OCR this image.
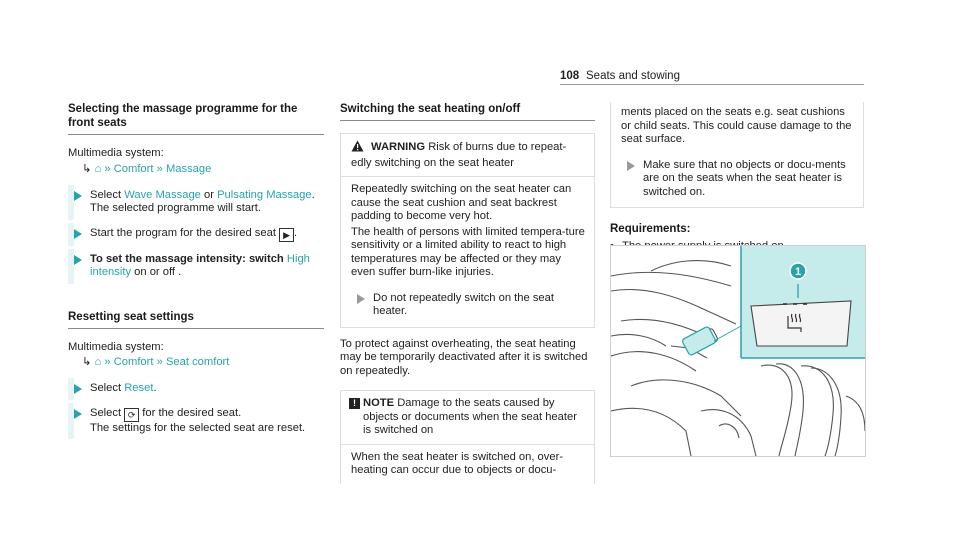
108 Seats and stowing
Selecting the massage programme for the front seats
Multimedia system:
↳ ⌂ » Comfort » Massage
Select Wave Massage or Pulsating Massage.
The selected programme will start.
Start the program for the desired seat ▶ .
To set the massage intensity: switch High intensity on or off .
Resetting seat settings
Multimedia system:
↳ ⌂ » Comfort » Seat comfort
Select Reset.
Select ⟳ for the desired seat.
The settings for the selected seat are reset.
Switching the seat heating on/off
WARNING Risk of burns due to repeat-edly switching on the seat heater
Repeatedly switching on the seat heater can cause the seat cushion and seat backrest padding to become very hot.
The health of persons with limited tempera-ture sensitivity or a limited ability to react to high temperatures may be affected or they may even suffer burn-like injuries.
Do not repeatedly switch on the seat heater.
To protect against overheating, the seat heating may be temporarily deactivated after it is switched on repeatedly.
! NOTE Damage to the seats caused by objects or documents when the seat heater is switched on
When the seat heater is switched on, over-heating can occur due to objects or docu-
ments placed on the seats e.g. seat cushions or child seats. This could cause damage to the seat surface.
Make sure that no objects or docu-ments are on the seats when the seat heater is switched on.
Requirements:
•
1
